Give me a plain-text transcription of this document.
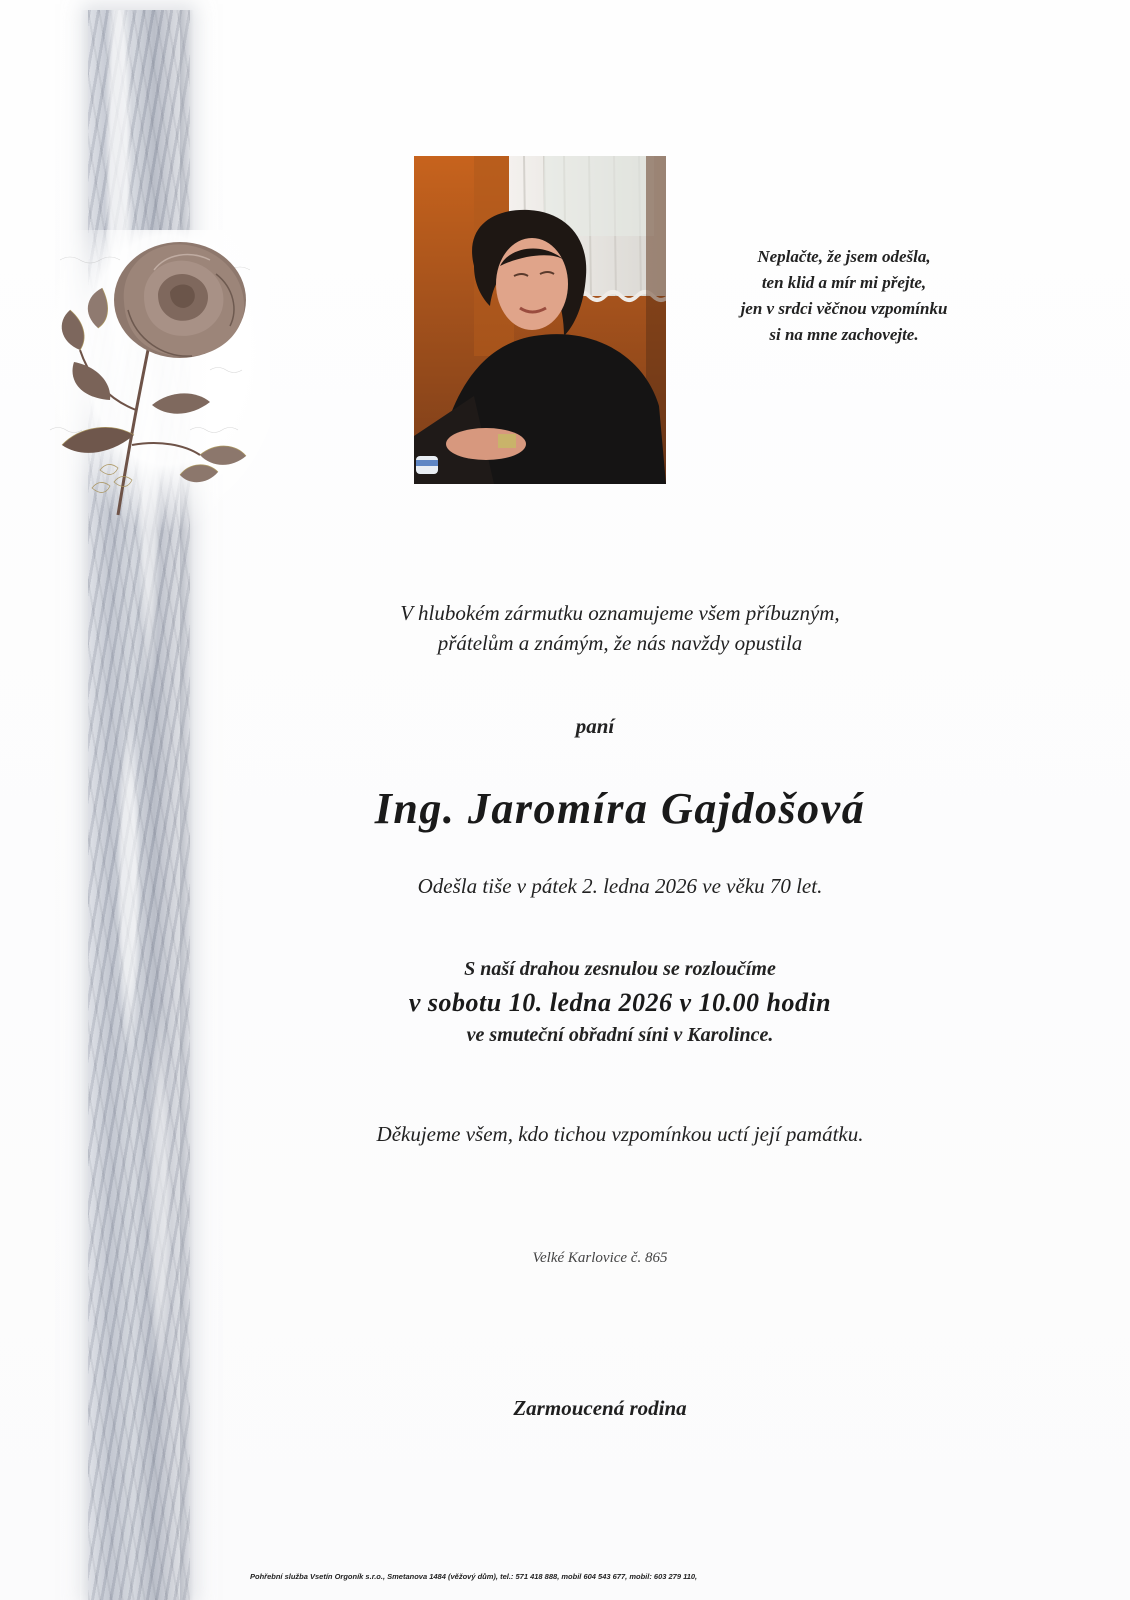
Neplačte, že jsem odešla,
ten klid a mír mi přejte,
jen v srdci věčnou vzpomínku
si na mne zachovejte.
V hlubokém zármutku oznamujeme všem příbuzným,
přátelům a známým, že nás navždy opustila
paní
Ing. Jaromíra Gajdošová
Odešla tiše v pátek 2. ledna 2026 ve věku 70 let.
S naší drahou zesnulou se rozloučíme
v sobotu 10. ledna 2026 v 10.00 hodin
ve smuteční obřadní síni v Karolince.
Děkujeme všem, kdo tichou vzpomínkou uctí její památku.
Velké Karlovice č. 865
Zarmoucená rodina
Pohřební služba Vsetín Orgoník s.r.o., Smetanova 1484 (věžový dům), tel.: 571 418 888, mobil 604 543 677, mobil: 603 279 110,
